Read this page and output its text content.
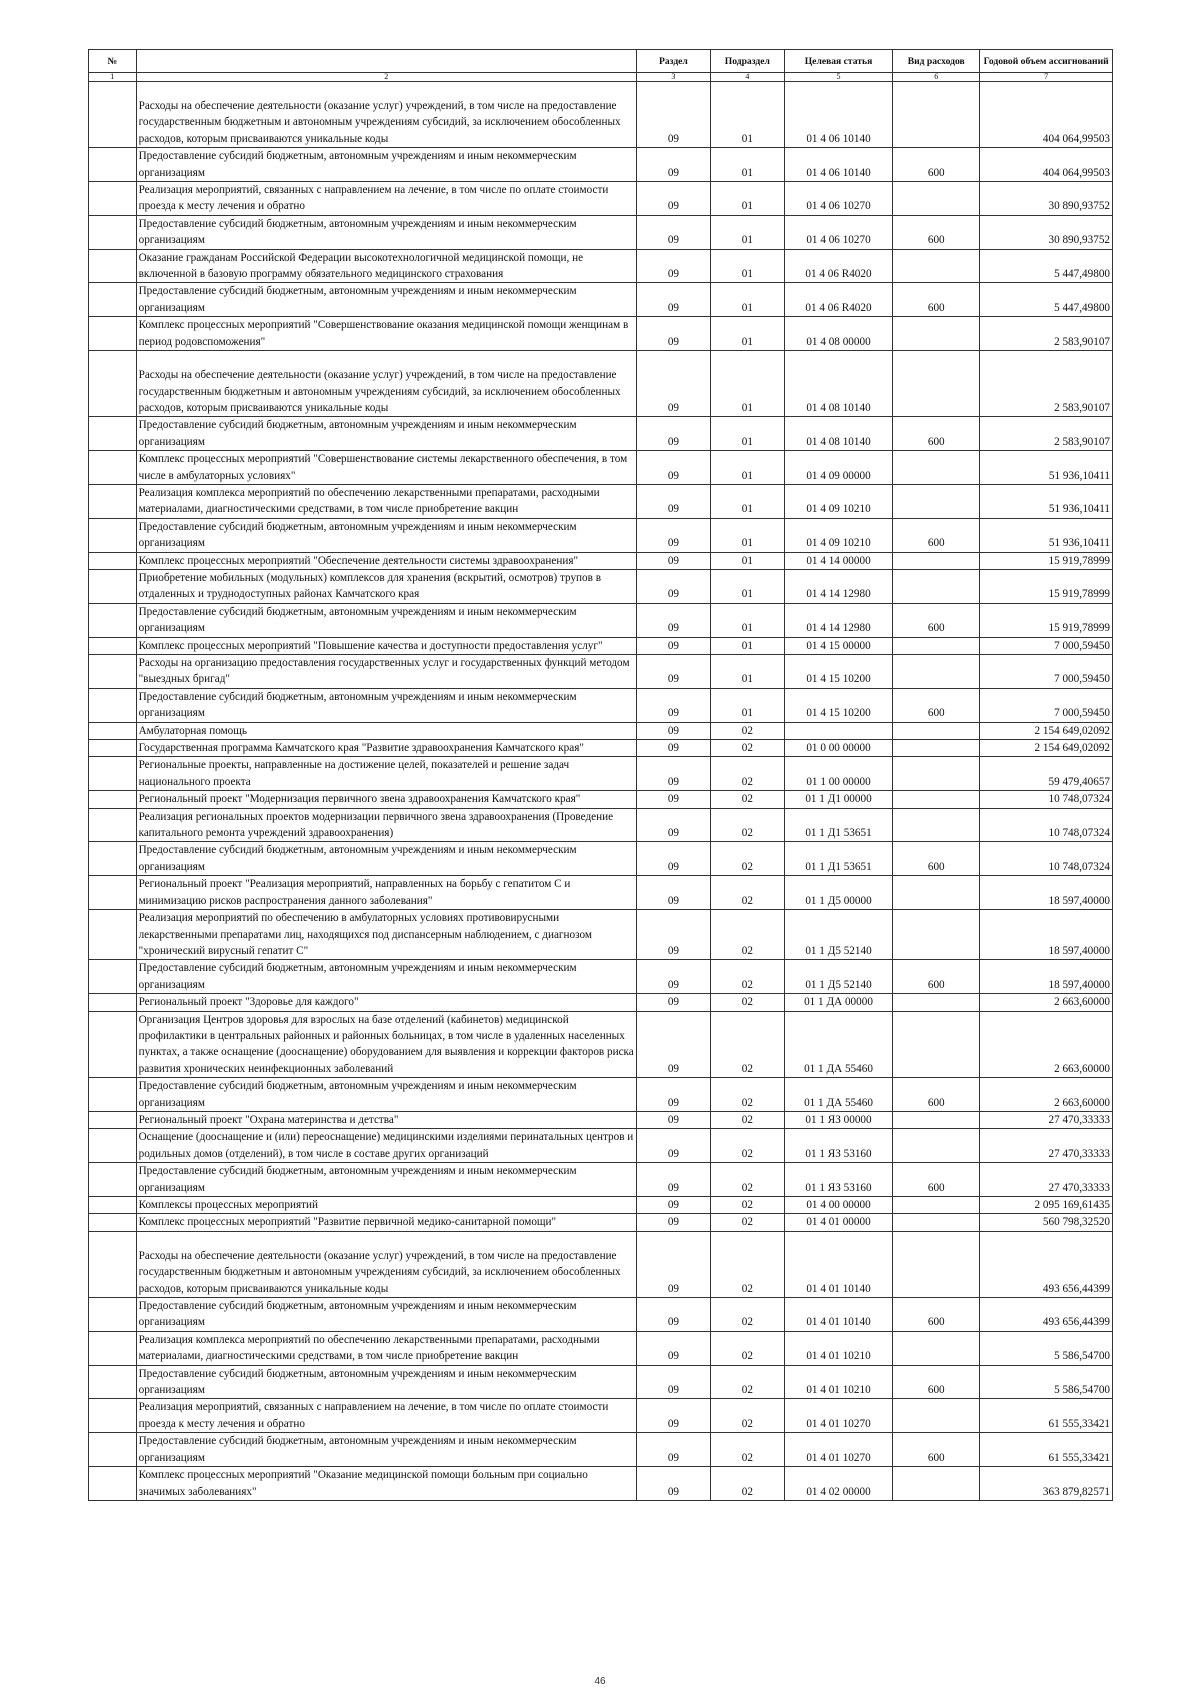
№		Раздел	Подраздел	Целевая статья	Вид расходов	Годовой объем ассигнований
1	2	3	4	5	6	7
	Расходы на обеспечение деятельности (оказание услуг) учреждений, в том числе на предоставление государственным бюджетным и автономным учреждениям субсидий, за исключением обособленных расходов, которым присваиваются уникальные коды	09	01	01 4 06 10140		404 064,99503
	Предоставление субсидий бюджетным, автономным учреждениям и иным некоммерческим организациям	09	01	01 4 06 10140	600	404 064,99503
	Реализация мероприятий, связанных с направлением на лечение, в том числе по оплате стоимости проезда к месту лечения и обратно	09	01	01 4 06 10270		30 890,93752
	Предоставление субсидий бюджетным, автономным учреждениям и иным некоммерческим организациям	09	01	01 4 06 10270	600	30 890,93752
	Оказание гражданам Российской Федерации высокотехнологичной медицинской помощи, не включенной в базовую программу обязательного медицинского страхования	09	01	01 4 06 R4020		5 447,49800
	Предоставление субсидий бюджетным, автономным учреждениям и иным некоммерческим организациям	09	01	01 4 06 R4020	600	5 447,49800
	Комплекс процессных мероприятий "Совершенствование оказания медицинской помощи женщинам в период родовспоможения"	09	01	01 4 08 00000		2 583,90107
	Расходы на обеспечение деятельности (оказание услуг) учреждений, в том числе на предоставление государственным бюджетным и автономным учреждениям субсидий, за исключением обособленных расходов, которым присваиваются уникальные коды	09	01	01 4 08 10140		2 583,90107
	Предоставление субсидий бюджетным, автономным учреждениям и иным некоммерческим организациям	09	01	01 4 08 10140	600	2 583,90107
	Комплекс процессных мероприятий "Совершенствование системы лекарственного обеспечения, в том числе в амбулаторных условиях"	09	01	01 4 09 00000		51 936,10411
	Реализация комплекса мероприятий по обеспечению лекарственными препаратами, расходными материалами, диагностическими средствами, в том числе приобретение вакцин	09	01	01 4 09 10210		51 936,10411
	Предоставление субсидий бюджетным, автономным учреждениям и иным некоммерческим организациям	09	01	01 4 09 10210	600	51 936,10411
	Комплекс процессных мероприятий "Обеспечение деятельности системы здравоохранения"	09	01	01 4 14 00000		15 919,78999
	Приобретение мобильных (модульных) комплексов для хранения (вскрытий, осмотров) трупов в отдаленных и труднодоступных районах Камчатского края	09	01	01 4 14 12980		15 919,78999
	Предоставление субсидий бюджетным, автономным учреждениям и иным некоммерческим организациям	09	01	01 4 14 12980	600	15 919,78999
	Комплекс процессных мероприятий "Повышение качества и доступности предоставления услуг"	09	01	01 4 15 00000		7 000,59450
	Расходы на организацию предоставления государственных услуг и государственных функций методом "выездных бригад"	09	01	01 4 15 10200		7 000,59450
	Предоставление субсидий бюджетным, автономным учреждениям и иным некоммерческим организациям	09	01	01 4 15 10200	600	7 000,59450
	Амбулаторная помощь	09	02			2 154 649,02092
	Государственная программа Камчатского края "Развитие здравоохранения Камчатского края"	09	02	01 0 00 00000		2 154 649,02092
	Региональные проекты, направленные на достижение целей, показателей и решение задач национального проекта	09	02	01 1 00 00000		59 479,40657
	Региональный проект "Модернизация первичного звена здравоохранения Камчатского края"	09	02	01 1 Д1 00000		10 748,07324
	Реализация региональных проектов модернизации первичного звена здравоохранения (Проведение капитального ремонта учреждений здравоохранения)	09	02	01 1 Д1 53651		10 748,07324
	Предоставление субсидий бюджетным, автономным учреждениям и иным некоммерческим организациям	09	02	01 1 Д1 53651	600	10 748,07324
	Региональный проект "Реализация мероприятий, направленных на борьбу с гепатитом С и минимизацию рисков распространения данного заболевания"	09	02	01 1 Д5 00000		18 597,40000
	Реализация мероприятий по обеспечению в амбулаторных условиях противовирусными лекарственными препаратами лиц, находящихся под диспансерным наблюдением, с диагнозом "хронический вирусный гепатит С"	09	02	01 1 Д5 52140		18 597,40000
	Предоставление субсидий бюджетным, автономным учреждениям и иным некоммерческим организациям	09	02	01 1 Д5 52140	600	18 597,40000
	Региональный проект "Здоровье для каждого"	09	02	01 1 ДА 00000		2 663,60000
	Организация Центров здоровья для взрослых на базе отделений (кабинетов) медицинской профилактики в центральных районных и районных больницах, в том числе в удаленных населенных пунктах, а также оснащение (дооснащение) оборудованием для выявления и коррекции факторов риска развития хронических неинфекционных заболеваний	09	02	01 1 ДА 55460		2 663,60000
	Предоставление субсидий бюджетным, автономным учреждениям и иным некоммерческим организациям	09	02	01 1 ДА 55460	600	2 663,60000
	Региональный проект "Охрана материнства и детства"	09	02	01 1 ЯЗ 00000		27 470,33333
	Оснащение (дооснащение и (или) переоснащение) медицинскими изделиями перинатальных центров и родильных домов (отделений), в том числе в составе других организаций	09	02	01 1 ЯЗ 53160		27 470,33333
	Предоставление субсидий бюджетным, автономным учреждениям и иным некоммерческим организациям	09	02	01 1 ЯЗ 53160	600	27 470,33333
	Комплексы процессных мероприятий	09	02	01 4 00 00000		2 095 169,61435
	Комплекс процессных мероприятий "Развитие первичной медико-санитарной помощи"	09	02	01 4 01 00000		560 798,32520
	Расходы на обеспечение деятельности (оказание услуг) учреждений, в том числе на предоставление государственным бюджетным и автономным учреждениям субсидий, за исключением обособленных расходов, которым присваиваются уникальные коды	09	02	01 4 01 10140		493 656,44399
	Предоставление субсидий бюджетным, автономным учреждениям и иным некоммерческим организациям	09	02	01 4 01 10140	600	493 656,44399
	Реализация комплекса мероприятий по обеспечению лекарственными препаратами, расходными материалами, диагностическими средствами, в том числе приобретение вакцин	09	02	01 4 01 10210		5 586,54700
	Предоставление субсидий бюджетным, автономным учреждениям и иным некоммерческим организациям	09	02	01 4 01 10210	600	5 586,54700
	Реализация мероприятий, связанных с направлением на лечение, в том числе по оплате стоимости проезда к месту лечения и обратно	09	02	01 4 01 10270		61 555,33421
	Предоставление субсидий бюджетным, автономным учреждениям и иным некоммерческим организациям	09	02	01 4 01 10270	600	61 555,33421
	Комплекс процессных мероприятий "Оказание медицинской помощи больным при социально значимых заболеваниях"	09	02	01 4 02 00000		363 879,82571
46
